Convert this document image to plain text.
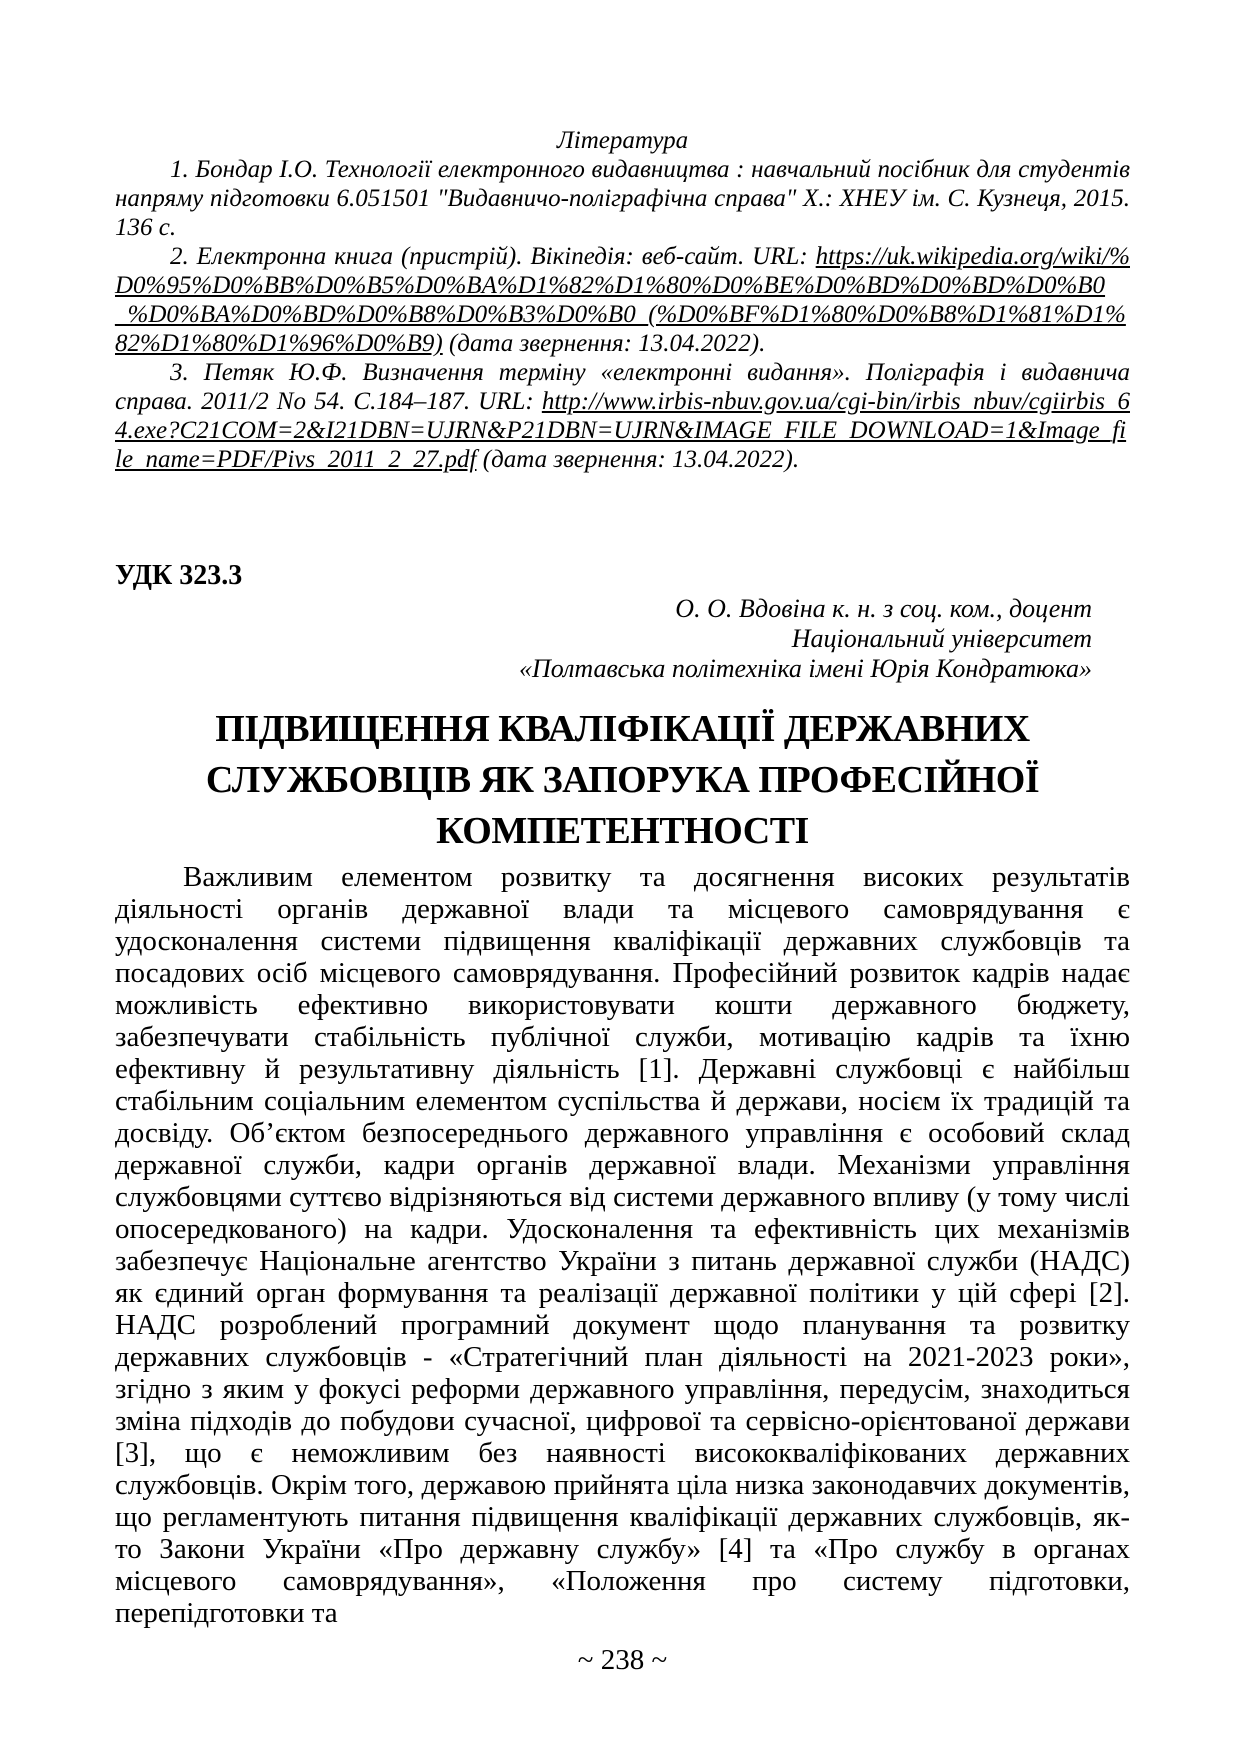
Література

1. Бондар І.О. Технології електронного видавництва : навчальний посібник для студентів напряму підготовки 6.051501 "Видавничо-поліграфічна справа" Х.: ХНЕУ ім. С. Кузнеця, 2015. 136 с.

2. Електронна книга (пристрій). Вікіпедія: веб-сайт. URL: https://uk.wikipedia.org/wiki/%D0%95%D0%BB%D0%B5%D0%BA%D1%82%D1%80%D0%BE%D0%BD%D0%BD%D0%B0_%D0%BA%D0%BD%D0%B8%D0%B3%D0%B0_(%D0%BF%D1%80%D0%B8%D1%81%D1%82%D1%80%D1%96%D0%B9) (дата звернення: 13.04.2022).

3. Петяк Ю.Ф. Визначення терміну «електронні видання». Поліграфія і видавнича справа. 2011/2 No 54. С.184–187. URL: http://www.irbis-nbuv.gov.ua/cgi-bin/irbis_nbuv/cgiirbis_64.exe?C21COM=2&I21DBN=UJRN&P21DBN=UJRN&IMAGE_FILE_DOWNLOAD=1&Image_file_name=PDF/Pivs_2011_2_27.pdf (дата звернення: 13.04.2022).

УДК 323.3
О. О. Вдовіна к. н. з соц. ком., доцент
Національний університет
«Полтавська політехніка імені Юрія Кондратюка»
ПІДВИЩЕННЯ КВАЛІФІКАЦІЇ ДЕРЖАВНИХ СЛУЖБОВЦІВ ЯК ЗАПОРУКА ПРОФЕСІЙНОЇ КОМПЕТЕНТНОСТІ

Важливим елементом розвитку та досягнення високих результатів діяльності органів державної влади та місцевого самоврядування є удосконалення системи підвищення кваліфікації державних службовців та посадових осіб місцевого самоврядування. Професійний розвиток кадрів надає можливість ефективно використовувати кошти державного бюджету, забезпечувати стабільність публічної служби, мотивацію кадрів та їхню ефективну й результативну діяльність [1]. Державні службовці є найбільш стабільним соціальним елементом суспільства й держави, носієм їх традицій та досвіду. Об’єктом безпосереднього державного управління є особовий склад державної служби, кадри органів державної влади. Механізми управління службовцями суттєво відрізняються від системи державного впливу (у тому числі опосередкованого) на кадри. Удосконалення та ефективність цих механізмів забезпечує Національне агентство України з питань державної служби (НАДС) як єдиний орган формування та реалізації державної політики у цій сфері [2]. НАДС розроблений програмний документ щодо планування та розвитку державних службовців - «Стратегічний план діяльності на 2021-2023 роки», згідно з яким у фокусі реформи державного управління, передусім, знаходиться зміна підходів до побудови сучасної, цифрової та сервісно-орієнтованої держави [3], що є неможливим без наявності висококваліфікованих державних службовців. Окрім того, державою прийнята ціла низка законодавчих документів, що регламентують питання підвищення кваліфікації державних службовців, як-то Закони України «Про державну службу» [4] та «Про службу в органах місцевого самоврядування», «Положення про систему підготовки, перепідготовки та

~ 238 ~
